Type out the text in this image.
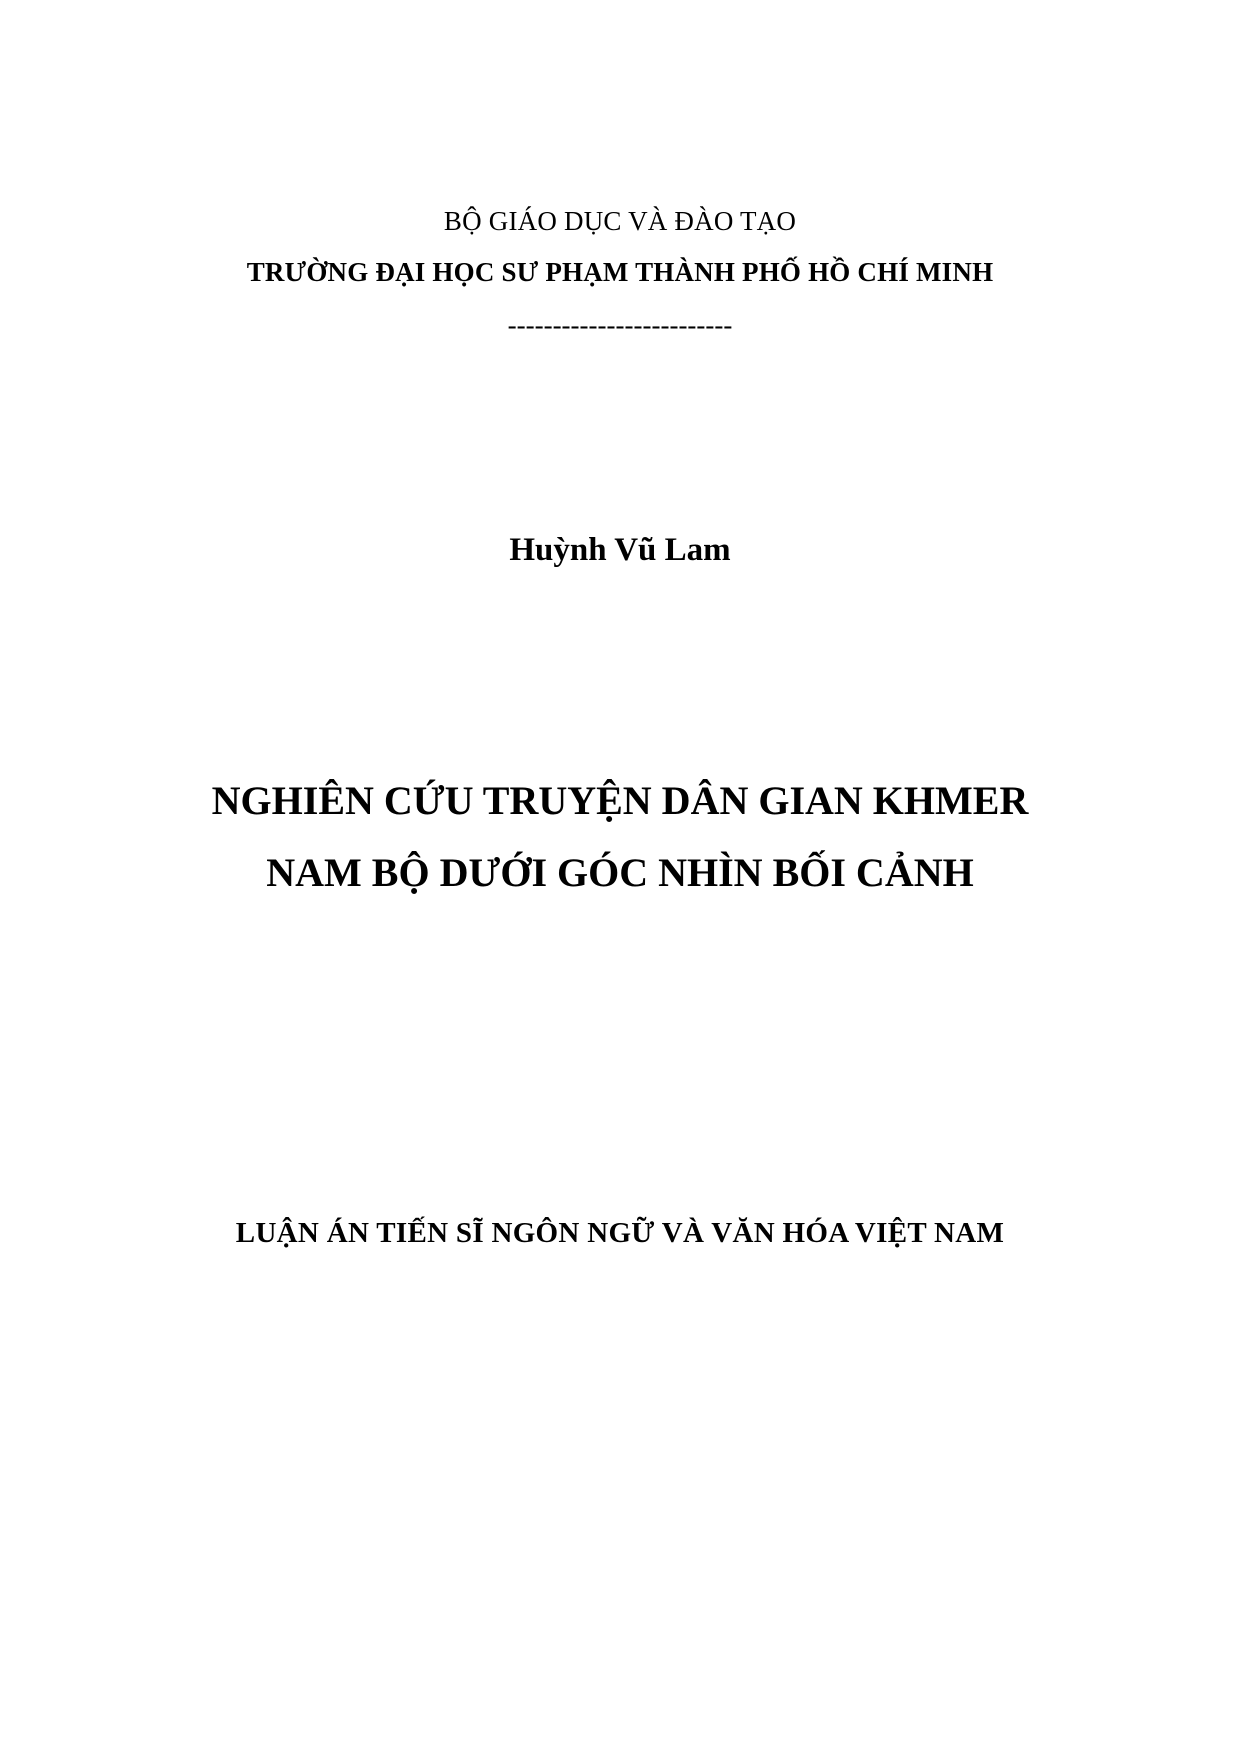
BỘ GIÁO DỤC VÀ ĐÀO TẠO
TRƯỜNG ĐẠI HỌC SƯ PHẠM THÀNH PHỐ HỒ CHÍ MINH
-------------------------
Huỳnh Vũ Lam
NGHIÊN CỨU TRUYỆN DÂN GIAN KHMER
NAM BỘ DƯỚI GÓC NHÌN BỐI CẢNH
LUẬN ÁN TIẾN SĨ NGÔN NGỮ VÀ VĂN HÓA VIỆT NAM
